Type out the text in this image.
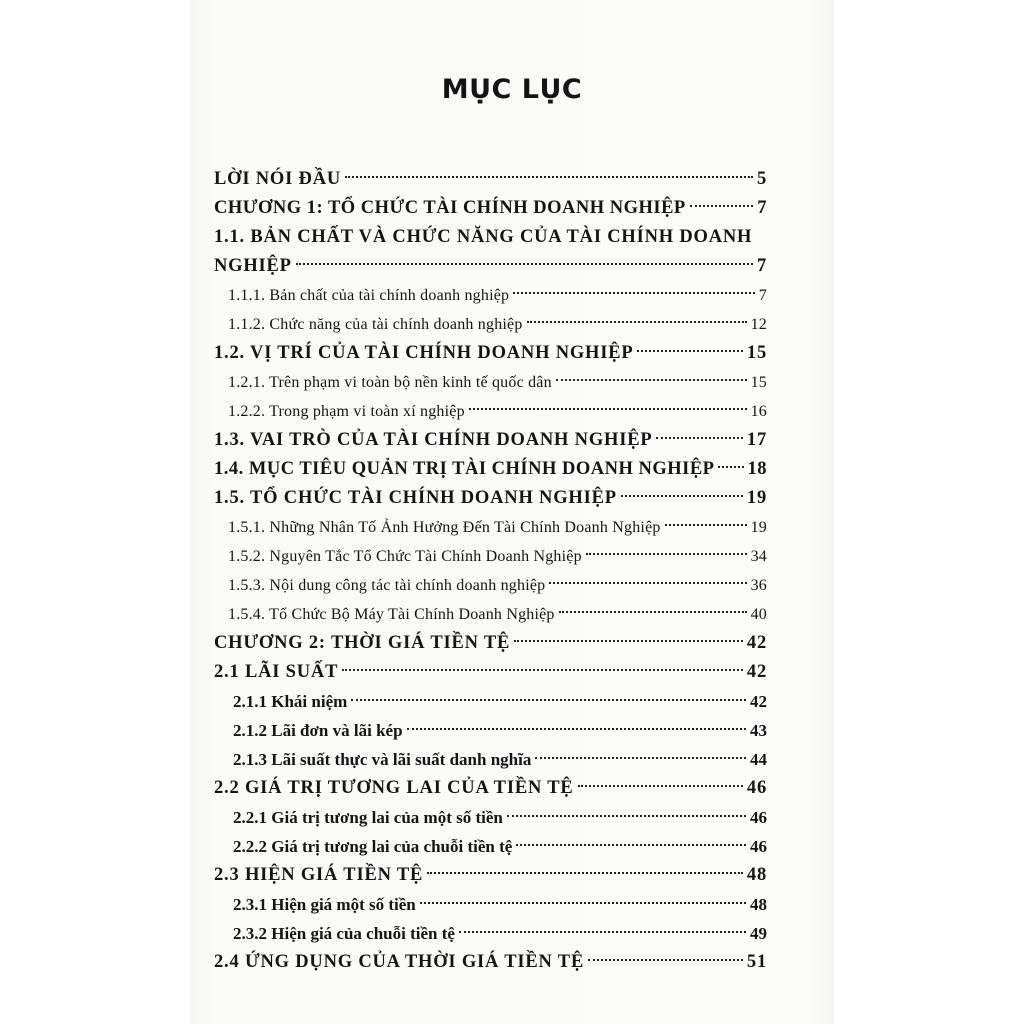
MỤC LỤC
LỜI NÓI ĐẦU	5
CHƯƠNG 1: TỔ CHỨC TÀI CHÍNH DOANH NGHIỆP	7
1.1. BẢN CHẤT VÀ CHỨC NĂNG CỦA TÀI CHÍNH DOANH
NGHIỆP	7
1.1.1. Bản chất của tài chính doanh nghiệp	7
1.1.2. Chức năng của tài chính doanh nghiệp	12
1.2. VỊ TRÍ CỦA TÀI CHÍNH DOANH NGHIỆP	15
1.2.1. Trên phạm vi toàn bộ nền kinh tế quốc dân	15
1.2.2. Trong phạm vi toàn xí nghiệp	16
1.3. VAI TRÒ CỦA TÀI CHÍNH DOANH NGHIỆP	17
1.4. MỤC TIÊU QUẢN TRỊ TÀI CHÍNH DOANH NGHIỆP 18
1.5. TỔ CHỨC TÀI CHÍNH DOANH NGHIỆP	19
1.5.1. Những Nhân Tố Ảnh Hưởng Đến Tài Chính Doanh Nghiệp	19
1.5.2. Nguyên Tắc Tổ Chức Tài Chính Doanh Nghiệp	34
1.5.3. Nội dung công tác tài chính doanh nghiệp	36
1.5.4. Tổ Chức Bộ Máy Tài Chính Doanh Nghiệp	40
CHƯƠNG 2: THỜI GIÁ TIỀN TỆ	42
2.1 LÃI SUẤT	42
2.1.1 Khái niệm	42
2.1.2 Lãi đơn và lãi kép	43
2.1.3 Lãi suất thực và lãi suất danh nghĩa	44
2.2 GIÁ TRỊ TƯƠNG LAI CỦA TIỀN TỆ	46
2.2.1 Giá trị tương lai của một số tiền	46
2.2.2 Giá trị tương lai của chuỗi tiền tệ	46
2.3 HIỆN GIÁ TIỀN TỆ	48
2.3.1 Hiện giá một số tiền	48
2.3.2 Hiện giá của chuỗi tiền tệ	49
2.4 ỨNG DỤNG CỦA THỜI GIÁ TIỀN TỆ	51
